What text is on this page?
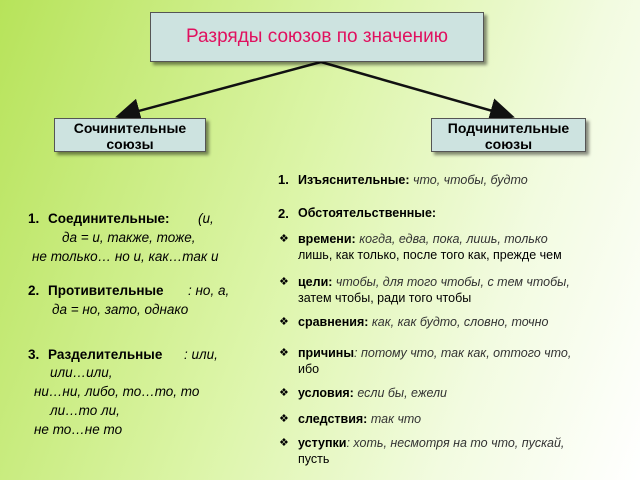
Разряды союзов по значению
Сочинительные
союзы
Подчинительные
союзы
1. Соединительные: (и,
да = и, также, тоже,
не только… но и, как…так и
2. Противительные : но, а,
да = но, зато, однако
3. Разделительные : или,
или…или,
ни…ни, либо, то…то, то
ли…то ли,
не то…не то
1. Изъяснительные: что, чтобы, будто
2. Обстоятельственные:
❖ времени: когда, едва, пока, лишь, только
лишь, как только, после того как, прежде чем
❖ цели: чтобы, для того чтобы, с тем чтобы,
затем чтобы, ради того чтобы
❖ сравнения: как, как будто, словно, точно
❖ причины: потому что, так как, оттого что,
ибо
❖ условия: если бы, ежели
❖ следствия: так что
❖ уступки: хоть, несмотря на то что, пускай,
пусть
